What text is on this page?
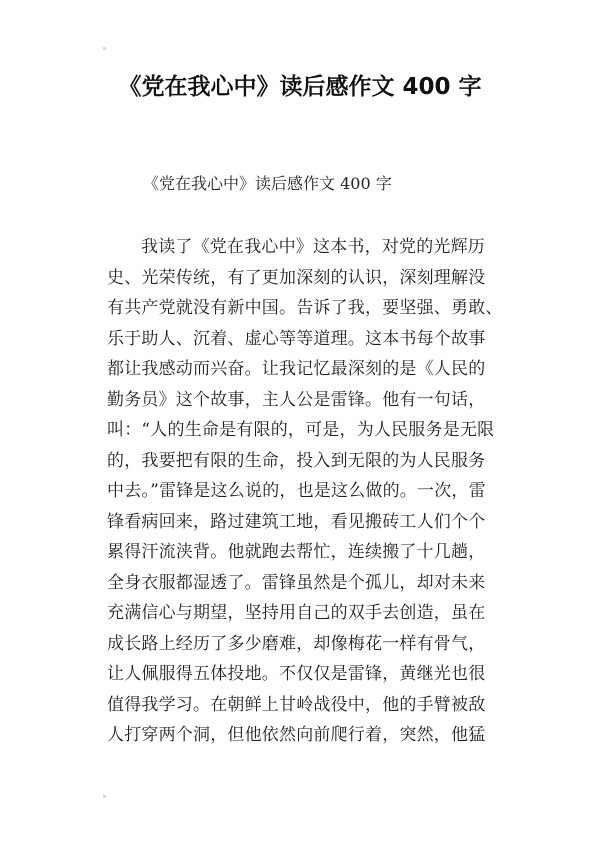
《党在我心中》读后感作文 400 字
《党在我心中》读后感作文 400 字
我读了《党在我心中》这本书，对党的光辉历
史、光荣传统，有了更加深刻的认识，深刻理解没
有共产党就没有新中国。告诉了我，要坚强、勇敢、
乐于助人、沉着、虚心等等道理。这本书每个故事
都让我感动而兴奋。让我记忆最深刻的是《人民的
勤务员》这个故事，主人公是雷锋。他有一句话，
叫：“人的生命是有限的，可是，为人民服务是无限
的，我要把有限的生命，投入到无限的为人民服务
中去。”雷锋是这么说的，也是这么做的。一次，雷
锋看病回来，路过建筑工地，看见搬砖工人们个个
累得汗流浃背。他就跑去帮忙，连续搬了十几趟，
全身衣服都湿透了。雷锋虽然是个孤儿，却对未来
充满信心与期望，坚持用自己的双手去创造，虽在
成长路上经历了多少磨难，却像梅花一样有骨气，
让人佩服得五体投地。不仅仅是雷锋，黄继光也很
值得我学习。在朝鲜上甘岭战役中，他的手臂被敌
人打穿两个洞，但他依然向前爬行着，突然，他猛
